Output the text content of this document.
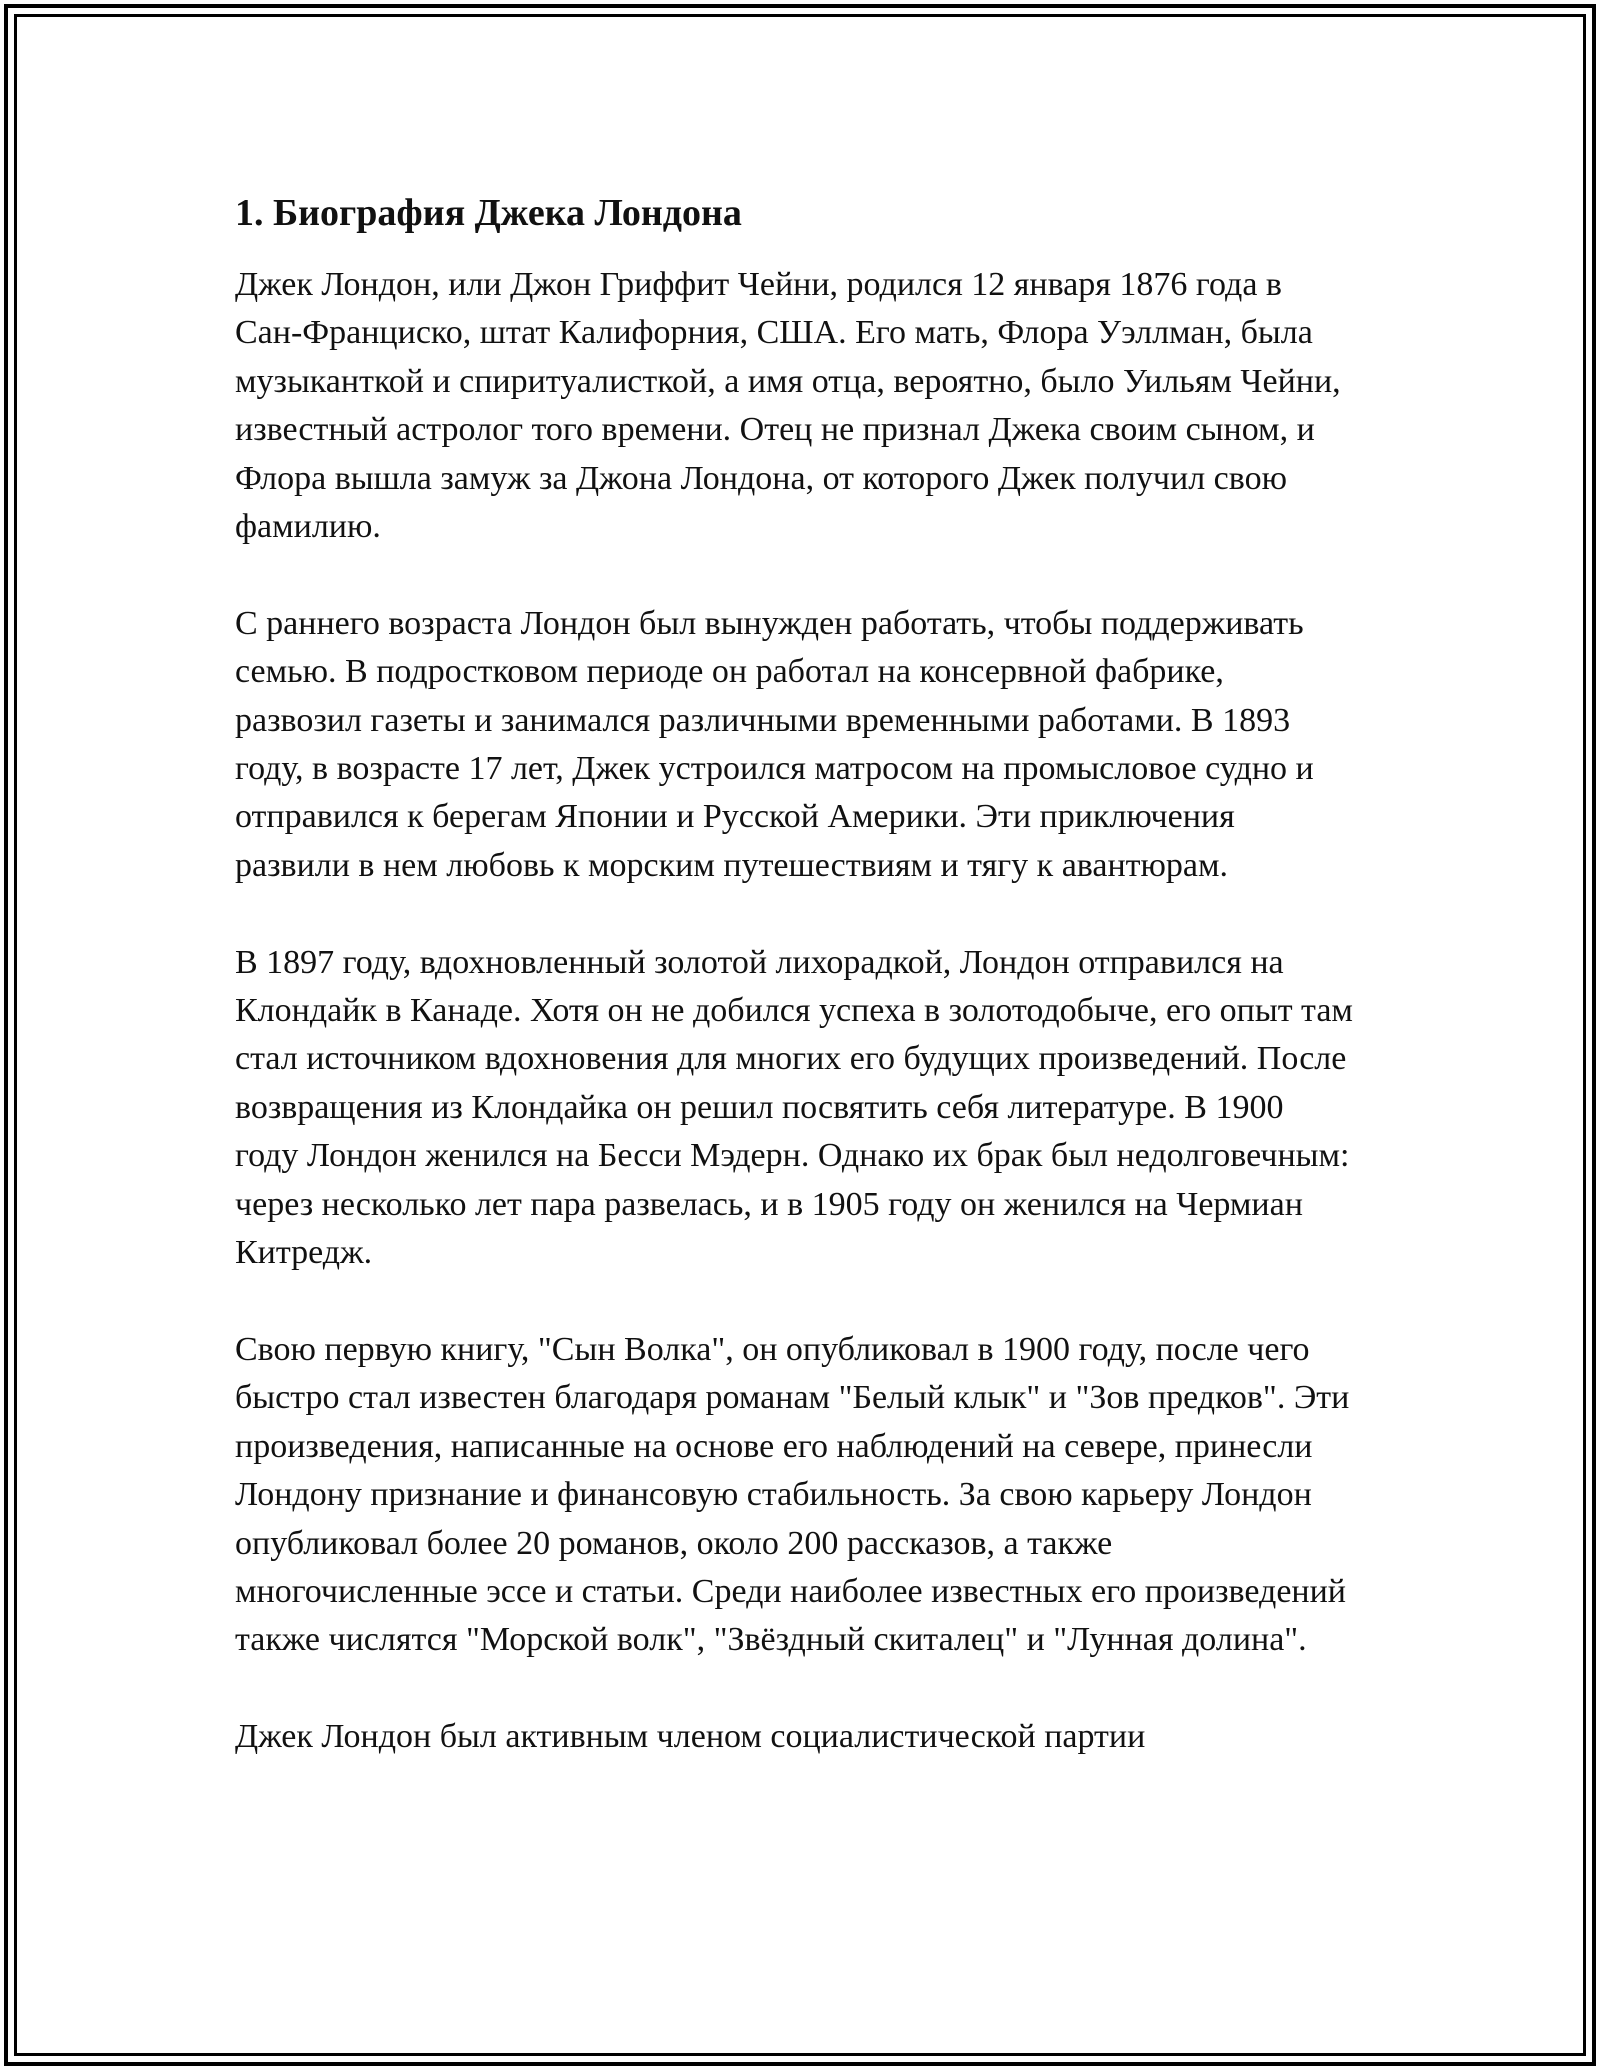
1. Биография Джека Лондона

Джек Лондон, или Джон Гриффит Чейни, родился 12 января 1876 года в Сан-Франциско, штат Калифорния, США. Его мать, Флора Уэллман, была музыканткой и спиритуалисткой, а имя отца, вероятно, было Уильям Чейни, известный астролог того времени. Отец не признал Джека своим сыном, и Флора вышла замуж за Джона Лондона, от которого Джек получил свою фамилию.

С раннего возраста Лондон был вынужден работать, чтобы поддерживать семью. В подростковом периоде он работал на консервной фабрике, развозил газеты и занимался различными временными работами. В 1893 году, в возрасте 17 лет, Джек устроился матросом на промысловое судно и отправился к берегам Японии и Русской Америки. Эти приключения развили в нем любовь к морским путешествиям и тягу к авантюрам.

В 1897 году, вдохновленный золотой лихорадкой, Лондон отправился на Клондайк в Канаде. Хотя он не добился успеха в золотодобыче, его опыт там стал источником вдохновения для многих его будущих произведений. После возвращения из Клондайка он решил посвятить себя литературе. В 1900 году Лондон женился на Бесси Мэдерн. Однако их брак был недолговечным: через несколько лет пара развелась, и в 1905 году он женился на Чермиан Китредж.

Свою первую книгу, "Сын Волка", он опубликовал в 1900 году, после чего быстро стал известен благодаря романам "Белый клык" и "Зов предков". Эти произведения, написанные на основе его наблюдений на севере, принесли Лондону признание и финансовую стабильность. За свою карьеру Лондон опубликовал более 20 романов, около 200 рассказов, а также многочисленные эссе и статьи. Среди наиболее известных его произведений также числятся "Морской волк", "Звёздный скиталец" и "Лунная долина".

Джек Лондон был активным членом социалистической партии
